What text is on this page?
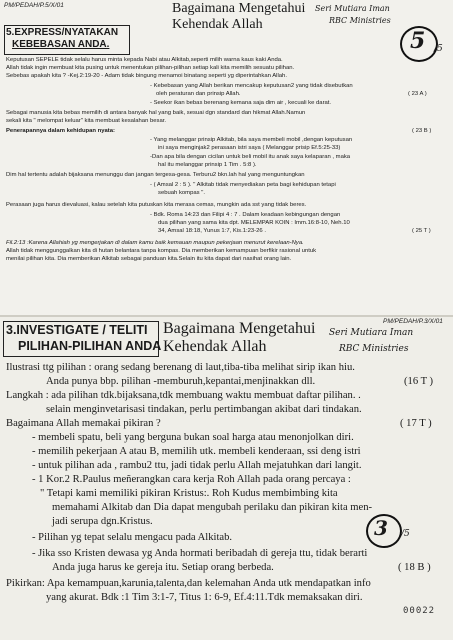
PM/PEDAH/P.5/X/01	Bagaimana Mengetahui
Kehendak Allah
Seri Mutiara Iman
RBC Ministries
5 /5
5.EXPRESS/NYATAKAN
KEBEBASAN ANDA.
Keputusan SEPELE tidak selalu harus minta kepada Nabi atau Alkitab,seperti milih warna kaus kaki Anda.
Allah tidak ingin membuat kita pusing untuk menentukan pilihan-pilihan setiap kali kita memilih sesuatu pilihan.
Sebebas apakah kita ? -Kej.2:19-20 - Adam tidak bingung menamoi binatang seperti yg diperintahkan Allah.
- Kebebasan yang Allah berikan mencakup keputusan2 yang tidak disebutkan
oleh peraturan dan prinsip Allah.	( 23 A )
- Seekor ikan bebas berenang kemana saja dim air , kecuali ke darat.
Sebagai manusia kita bebas memilih di antara banyak hal yang baik, sesuai dgn standard dan hikmat Allah.Namun
sekali kita " melompat keluar" kita membuat kesalahan besar.
Penerapannya dalam kehidupan nyata:	( 23 B )
- Yang melanggar prinsip Alkitab, bila saya membeli mobil ,dengan keputusan
ini saya menginjak2 perasaan istri saya ( Melanggar prisip Ef.5:25-33)
-Dan apa bila dengan cicilan untuk beli mobil itu anak saya kelaparan , maka
hal itu melanggar prinsip 1 Tim . 5:8 ).
Dim hal tertentu adalah bijaksana menunggu dan jangan tergesa-gesa. Terburu2 bkn.lah hal yang menguntungkan
- ( Amsal 2 : 5 ). " Alkitab tidak menyediakan peta bagi kehidupan tetapi
sebuah kompas ".
Perasaan juga harus dievaluasi, kalau setelah kita putuskan kita merasa cemas, mungkin ada sst yang tidak beres.
- Bdk. Roma 14:23 dan Filipi 4 : 7 . Dalam keadaan kebingungan dengan
dua pilihan yang sama kita dpt. MELEMPAR KOIN : Imm.16:8-10, Neh.10
34, Amsal 18:18, Yunus 1:7, Kis.1:23-26 .	( 25 T )
Fil.2:13 :Karena Allahiah yg mengerjakan di dalam kamu baik kemauan maupun pekerjaan menurut kerelaan-Nya.
Allah tidak menggunggalkan kita di hutan belantara tanpa kompas. Dia memberikan kemampuan berfikir rasional untuk
menilai pilihan kita. Dia memberikan Alkitab sebagai panduan kita.Selain itu kita dapat dari nasihat orang lain.
PM/PEDAH/P.3/X/01
3.INVESTIGATE / TELITI
PILIHAN-PILIHAN ANDA
Bagaimana Mengetahui
Kehendak Allah
Seri Mutiara Iman
RBC Ministries
Ilustrasi ttg pilihan : orang sedang berenang di laut,tiba-tiba melihat sirip ikan hiu.
Anda punya bbp. pilihan -memburuh,kepantai,menjinakkan dll.	(16 T )
Langkah : ada pilihan tdk.bijaksana,tdk membuang waktu membuat daftar pilihan. .
selain menginvetarisasi tindakan, perlu pertimbangan akibat dari tindakan.
Bagaimana Allah memakai pikiran ?	( 17 T )
- membeli spatu, beli yang berguna bukan soal harga atau menonjolkan diri.
- memilih pekerjaan A atau B, memilih utk. membeli kenderaan, ssi deng istri
- untuk pilihan ada , rambu2 ttu, jadi tidak perlu Allah mejatuhkan dari langit.
- 1 Kor.2 R.Paulus meñerangkan cara kerja Roh Allah pada orang percaya :
" Tetapi kami memiliki pikiran Kristus:. Roh Kudus membimbing kita
memahami Alkitab dan Dia dapat mengubah perilaku dan pikiran kita men-
jadi serupa dgn.Kristus.
- Pilihan yg tepat selalu mengacu pada Alkitab.
- Jika sso Kristen dewasa yg Anda hormati beribadah di gereja ttu, tidak berarti
Anda juga harus ke gereja itu. Setiap orang berbeda.	( 18 B )
Pikirkan: Apa kemampuan,karunia,talenta,dan kelemahan Anda utk mendapatkan info
yang akurat. Bdk :1 Tim 3:1-7, Titus 1: 6-9, Ef.4:11.Tdk memaksakan diri.
3 /5
00022
